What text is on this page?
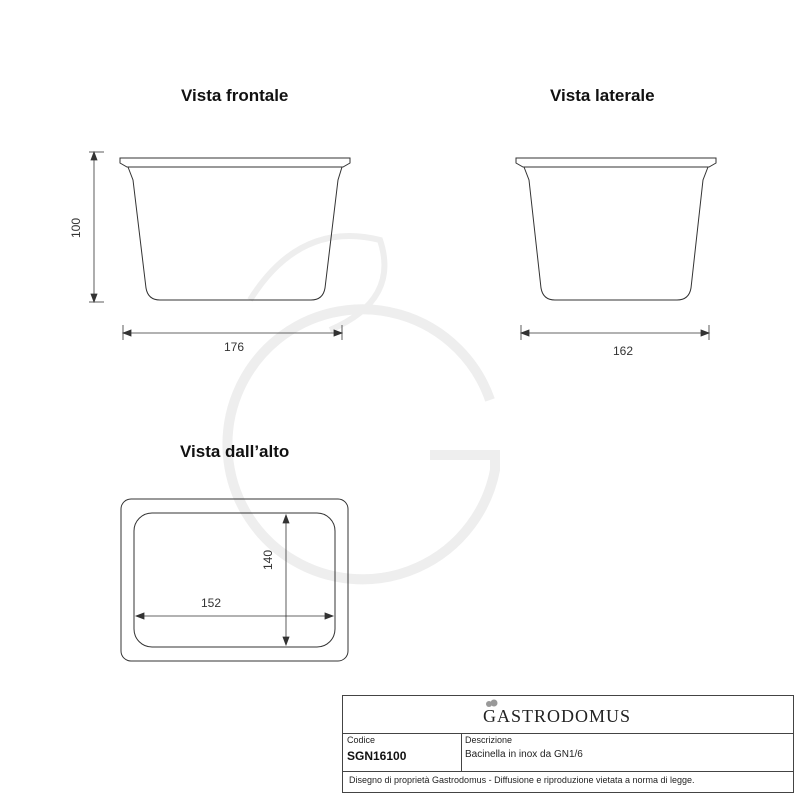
100
176	162
140
152
Vista frontale	Vista laterale
Vista dall’alto
GASTRODOMUS
Codice
SGN16100
Descrizione
Bacinella in inox da GN1/6
Disegno di proprietà Gastrodomus - Diffusione e riproduzione vietata a norma di legge.
